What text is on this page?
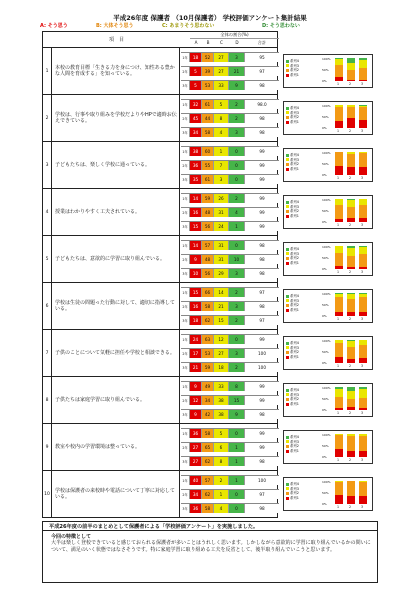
平成26年度 保護者 （10月保護者） 学校評価アンケート集計結果
A: そう思う	B: 大体そう思う	C: あまりそう思わない	D: そう思わない
項　目
全体の割合(%)
A	B	C	D	合計
1
本校の教育目標「生きる力を身につけ、知性ある豊かな人間を育成する」を知っている。
1年	18	52	27	3	95
2年	5	39	27	21	97
3年	5	53	33	9	98
2
学校は、行事や取り組みを学校だよりやHPで適時お伝えできている。
1年	32	61	5	2	98.0
2年	45	44	8	2	98
3年	34	58	4	3	98
3	子どもたちは、楽しく学校に通っている。
1年	38	60	1	0	99
2年	36	55	7	0	99
3年	35	61	3	0	99
4	授業はわかりやすく工夫されている。
1年	14	59	26	2	99
2年	16	48	31	4	99
3年	15	56	24	1	99
5	子どもたちは、意欲的に学習に取り組んでいる。
1年	14	57	31	0	98
2年	9	48	31	10	98
3年	10	56	29	3	98
6
学校は生徒の問題った行動に対して、適切に指導している。
1年	15	66	14	2	97
2年	16	58	21	3	98
3年	18	62	15	2	97
7	子供のことについて気軽に担任や学校と相談できる。
1年	24	63	12	0	99
2年	17	53	27	3	100
3年	21	59	18	2	100
8	子供たちは家庭学習に取り組んでいる。
1年	9	49	33	8	99
2年	12	34	38	15	99
3年	9	42	38	9	98
9	教室や校内の学習環境は整っている。
1年	36	58	5	0	99
2年	27	65	6	1	99
3年	27	62	8	1	98
10
学校は保護者の来校時や電話について丁寧に対応している。
1年	40	57	2	1	100
2年	34	62	1	0	97
3年	36	58	4	0	98
平成26年度の前半のまとめとして保護者による「学校評価アンケート」を実施しました。
今回の特徴として
大半は楽しく登校できていると感じておられる保護者が多いことはうれしく思います。しかしながら意欲的に学習に取り組んでいるかの問いについて、満足のいく状態ではなさそうです。特に家庭学習に取り組める工夫を反省として、後半取り組んでいこうと思います。
系列4
系列3
系列2
系列1
100%
50%
0%
1	2	3
系列4
系列3
系列2
系列1
100%
50%
0%
1	2	3
系列4
系列3
系列2
系列1
100%
50%
0%
1	2	3
系列4
系列3
系列2
系列1
100%
50%
0%
1	2	3
系列4
系列3
系列2
系列1
100%
50%
0%
1	2	3
系列4
系列3
系列2
系列1
100%
50%
0%
1	2	3
系列4
系列3
系列2
系列1
100%
50%
0%
1	2	3
系列4
系列3
系列2
系列1
100%
50%
0%
1	2	3
系列4
系列3
系列2
系列1
100%
50%
0%
1	2	3
系列4
系列3
系列2
系列1
100%
50%
0%
1	2	3
